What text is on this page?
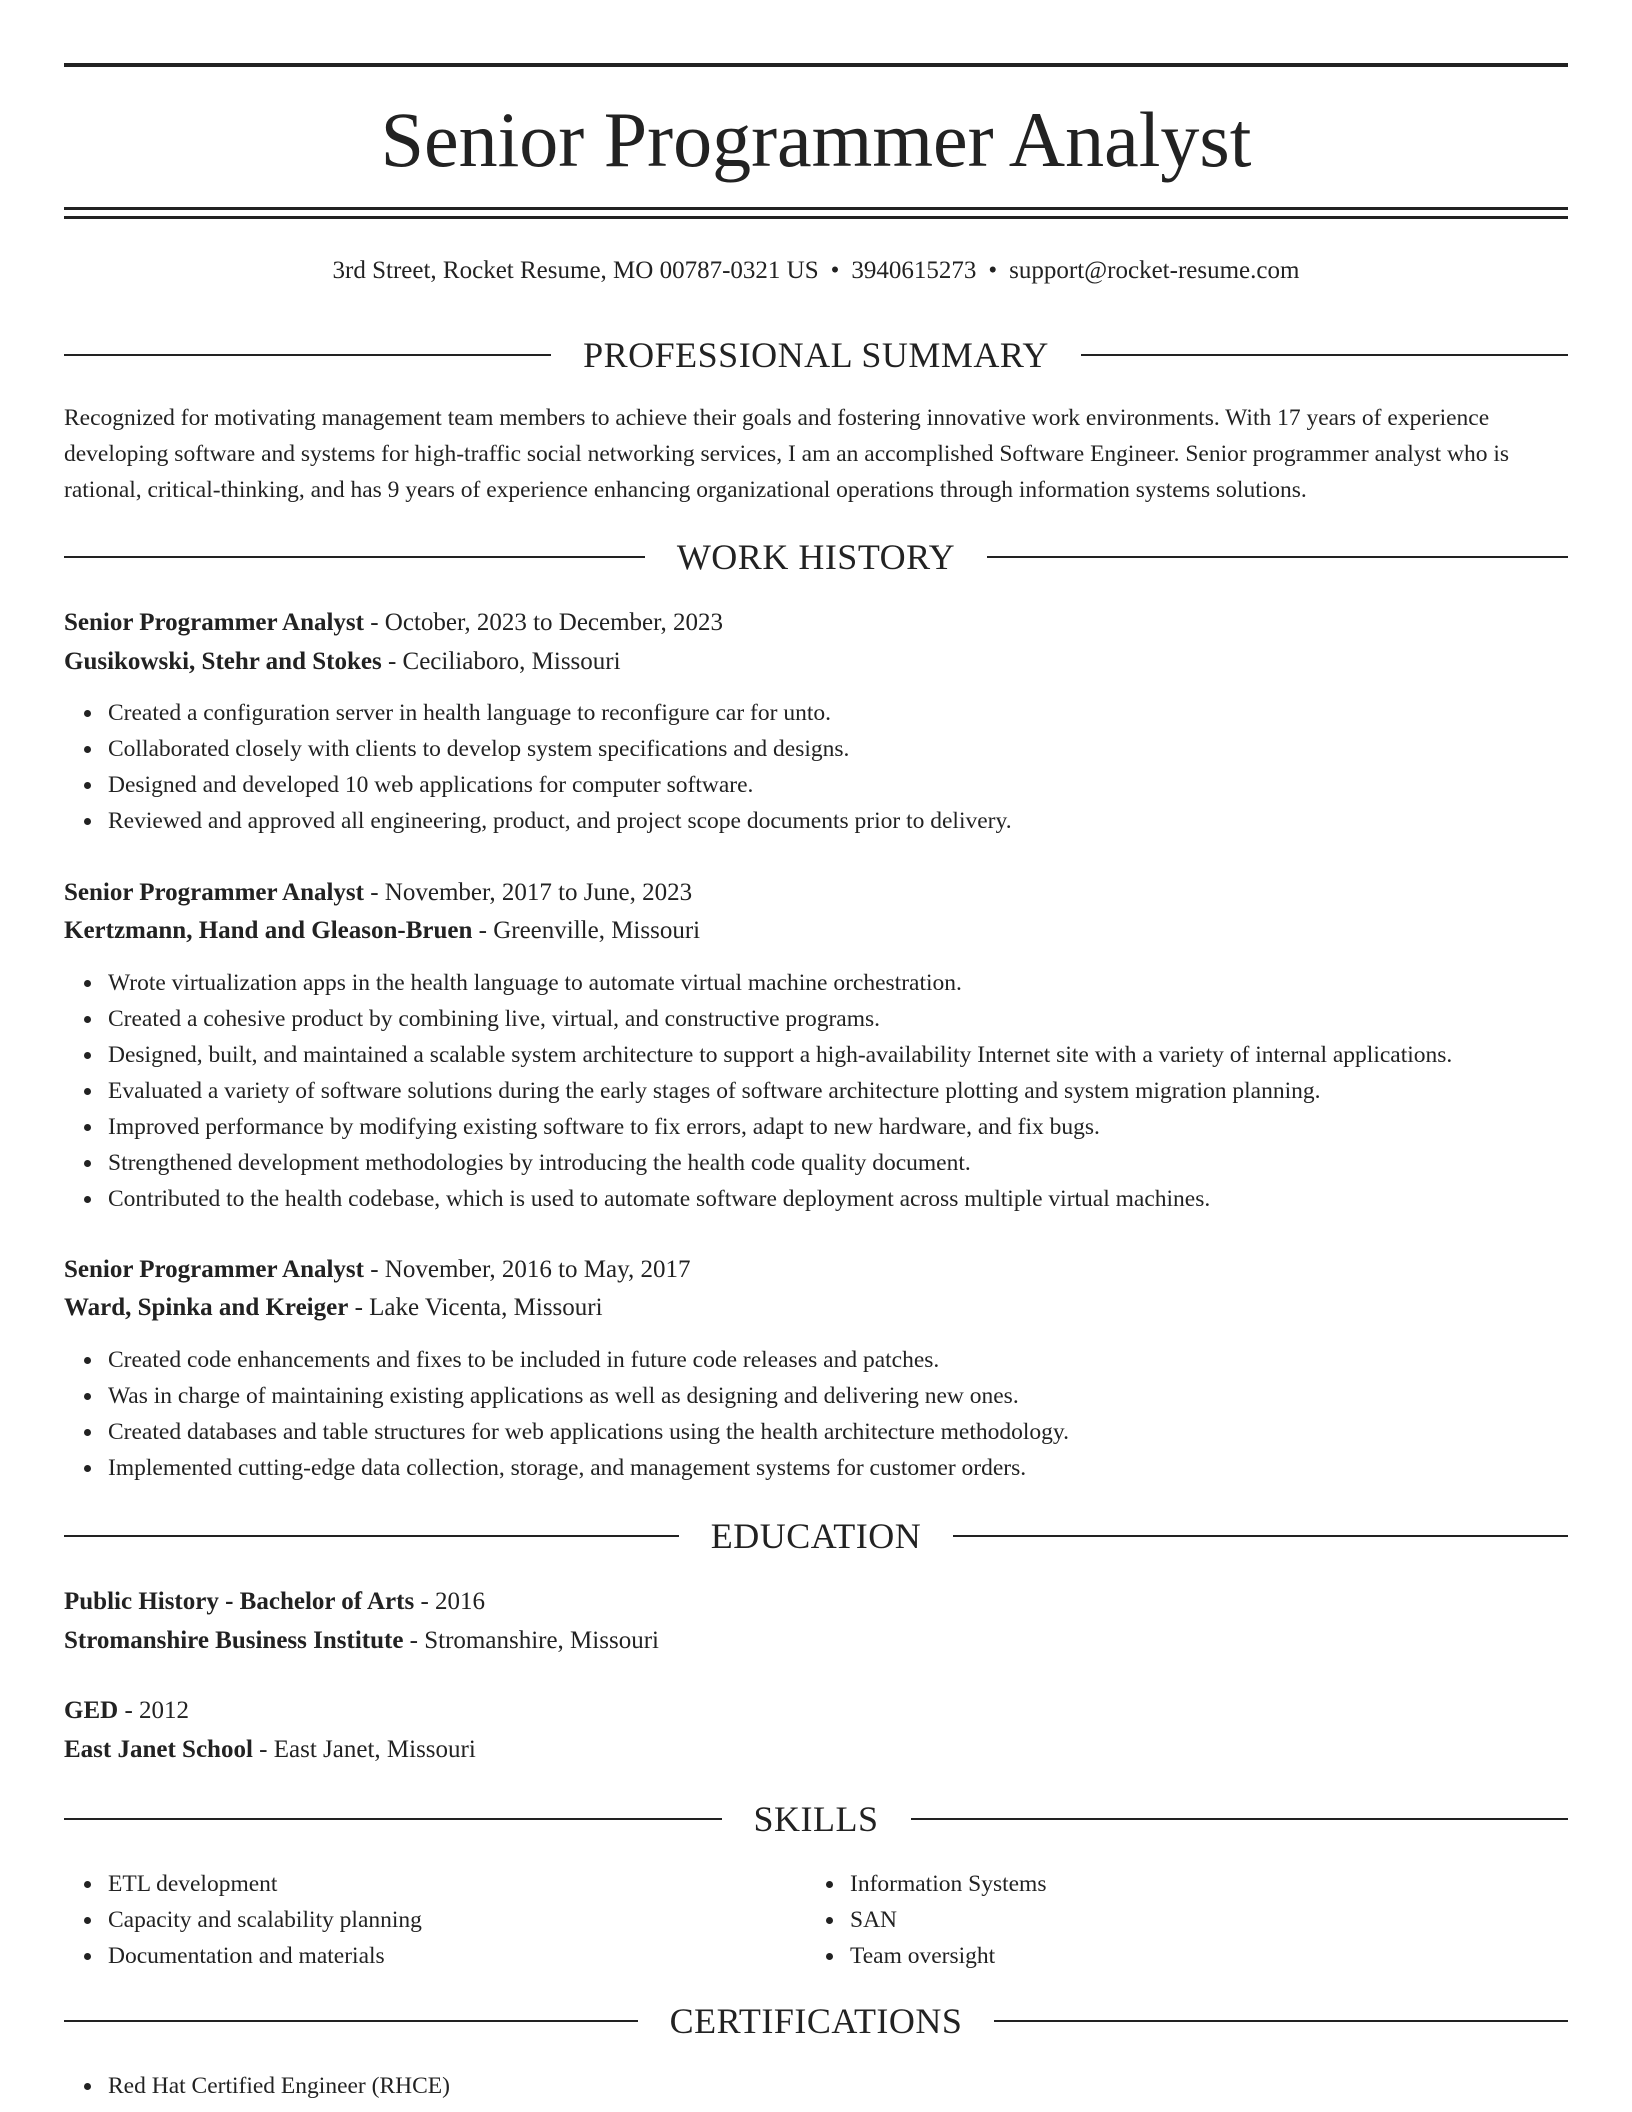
Senior Programmer Analyst
3rd Street, Rocket Resume, MO 00787-0321 US • 3940615273 • support@rocket-resume.com
PROFESSIONAL SUMMARY
Recognized for motivating management team members to achieve their goals and fostering innovative work environments. With 17 years of experience developing software and systems for high-traffic social networking services, I am an accomplished Software Engineer. Senior programmer analyst who is rational, critical-thinking, and has 9 years of experience enhancing organizational operations through information systems solutions.
WORK HISTORY
Senior Programmer Analyst - October, 2023 to December, 2023
Gusikowski, Stehr and Stokes - Ceciliaboro, Missouri
Created a configuration server in health language to reconfigure car for unto.
Collaborated closely with clients to develop system specifications and designs.
Designed and developed 10 web applications for computer software.
Reviewed and approved all engineering, product, and project scope documents prior to delivery.
Senior Programmer Analyst - November, 2017 to June, 2023
Kertzmann, Hand and Gleason-Bruen - Greenville, Missouri
Wrote virtualization apps in the health language to automate virtual machine orchestration.
Created a cohesive product by combining live, virtual, and constructive programs.
Designed, built, and maintained a scalable system architecture to support a high-availability Internet site with a variety of internal applications.
Evaluated a variety of software solutions during the early stages of software architecture plotting and system migration planning.
Improved performance by modifying existing software to fix errors, adapt to new hardware, and fix bugs.
Strengthened development methodologies by introducing the health code quality document.
Contributed to the health codebase, which is used to automate software deployment across multiple virtual machines.
Senior Programmer Analyst - November, 2016 to May, 2017
Ward, Spinka and Kreiger - Lake Vicenta, Missouri
Created code enhancements and fixes to be included in future code releases and patches.
Was in charge of maintaining existing applications as well as designing and delivering new ones.
Created databases and table structures for web applications using the health architecture methodology.
Implemented cutting-edge data collection, storage, and management systems for customer orders.
EDUCATION
Public History - Bachelor of Arts - 2016
Stromanshire Business Institute - Stromanshire, Missouri
GED - 2012
East Janet School - East Janet, Missouri
SKILLS
ETL development
Capacity and scalability planning
Documentation and materials
Information Systems
SAN
Team oversight
CERTIFICATIONS
Red Hat Certified Engineer (RHCE)
